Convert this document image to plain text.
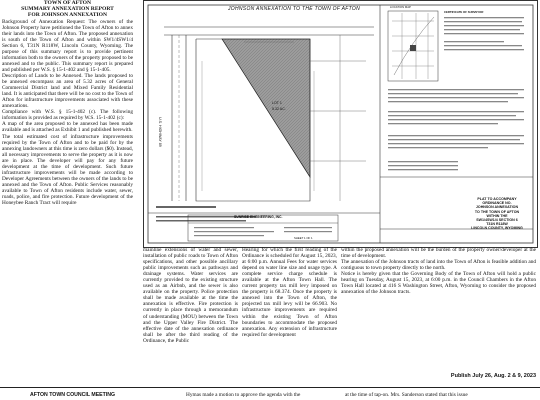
TOWN OF AFTON
SUMMARY ANNEXATION REPORT
FOR JOHNSON ANNEXATION

Background of Annexation Request: The owners of the Johnson Property have petitioned the Town of Afton to annex their lands into the Town of Afton. The proposed annexation is south of the Town of Afton and within SW1/4SW1/4 Section 6, T31N R118W, Lincoln County, Wyoming. The purpose of this summary report is to provide pertinent information both to the owners of the property proposed to be annexed and to the public. This summary report is prepared and published per W.S. § 15-1-402 and § 15-1-405.

Description of Lands to be Annexed. The lands proposed to be annexed encompass an area of 5.32 acres of General Commercial District land and Mixed Family Residential land. It is anticipated that there will be no cost to the Town of Afton for infrastructure improvements associated with these annexations.

Compliance with W.S. § 15-1-402 (c). The following information is provided as required by W.S. 15-1-402 (c):

A map of the area proposed to be annexed has been made available and is attached as Exhibit 1 and published herewith.

The total estimated cost of infrastructure improvements required by the Town of Afton and to be paid for by the annexing landowners at this time is zero dollars ($0). Instead, all necessary improvements to serve the property as it is now are in place. The developer will pay for any future development at the time of development. Such future infrastructure improvements will be made according to Developer Agreements between the owners of the lands to be annexed and the Town of Afton. Public Services reasonably available to Town of Afton residents include water, sewer, roads, police, and fire protection. Future development of the Honeybee Ranch Tract will require

JOHNSON ANNEXATION TO THE TOWN OF AFTON
U.S. HIGHWAY 89
LOT 1
5.32 AC.
LOCATION MAP
CERTIFICATE OF SURVEYOR
PLAT TO ACCOMPANY
ORDINANCE NO.
JOHNSON ANNEXATION
TO THE TOWN OF AFTON
WITHIN THE
SW1/4SW1/4 SECTION 6
T31N R118W
LINCOLN COUNTY, WYOMING
SUNRISE ENGINEERING, INC.
SHEET 1 OF 1
mainline extensions of water and sewer, installation of public roads to Town of Afton specifications, and other possible ancillary public improvements such as pathways and drainage systems. Water services are currently provided to the existing structure used as an Airbnb, and the sewer is also available on the property. Police protection shall be made available at the time the annexation is effective. Fire protection is currently in place through a memorandum of understanding (MOU) between the Town and the Upper Valley Fire District. The effective date of the annexation ordinance shall be after the third reading of the Ordinance, the Public
Hearing for which the first reading of the Ordinance is scheduled for August 15, 2023, at 6:00 p.m. Annual Fees for water services depend on water line size and usage type. A complete service charge schedule is available at the Afton Town Hall. The current property tax mill levy imposed on the property is 68.374. Once the property is annexed into the Town of Afton, the projected tax mill levy will be 66.903. No infrastructure improvements are required within the existing Town of Afton boundaries to accommodate the proposed annexation. Any extension of infrastructure required for development

within the proposed annexation will be the burden of the property owner/developer at the time of development.

The annexation of the Johnson tracts of land into the Town of Afton is feasible addition and contiguous to town property directly to the north.

Notice is hereby given that the Governing Body of the Town of Afton will hold a public hearing on Tuesday, August 15, 2023, at 6:00 p.m. in the Council Chambers in the Afton Town Hall located at 416 S Washington Street, Afton, Wyoming to consider the proposed annexation of the Johnson tracts.

Publish July 26, Aug. 2 & 9, 2023
AFTON TOWN COUNCIL MEETING	Hymas made a motion to approve the agenda with the	at the time of tap-on. Mrs. Sanderson stated that this issue
